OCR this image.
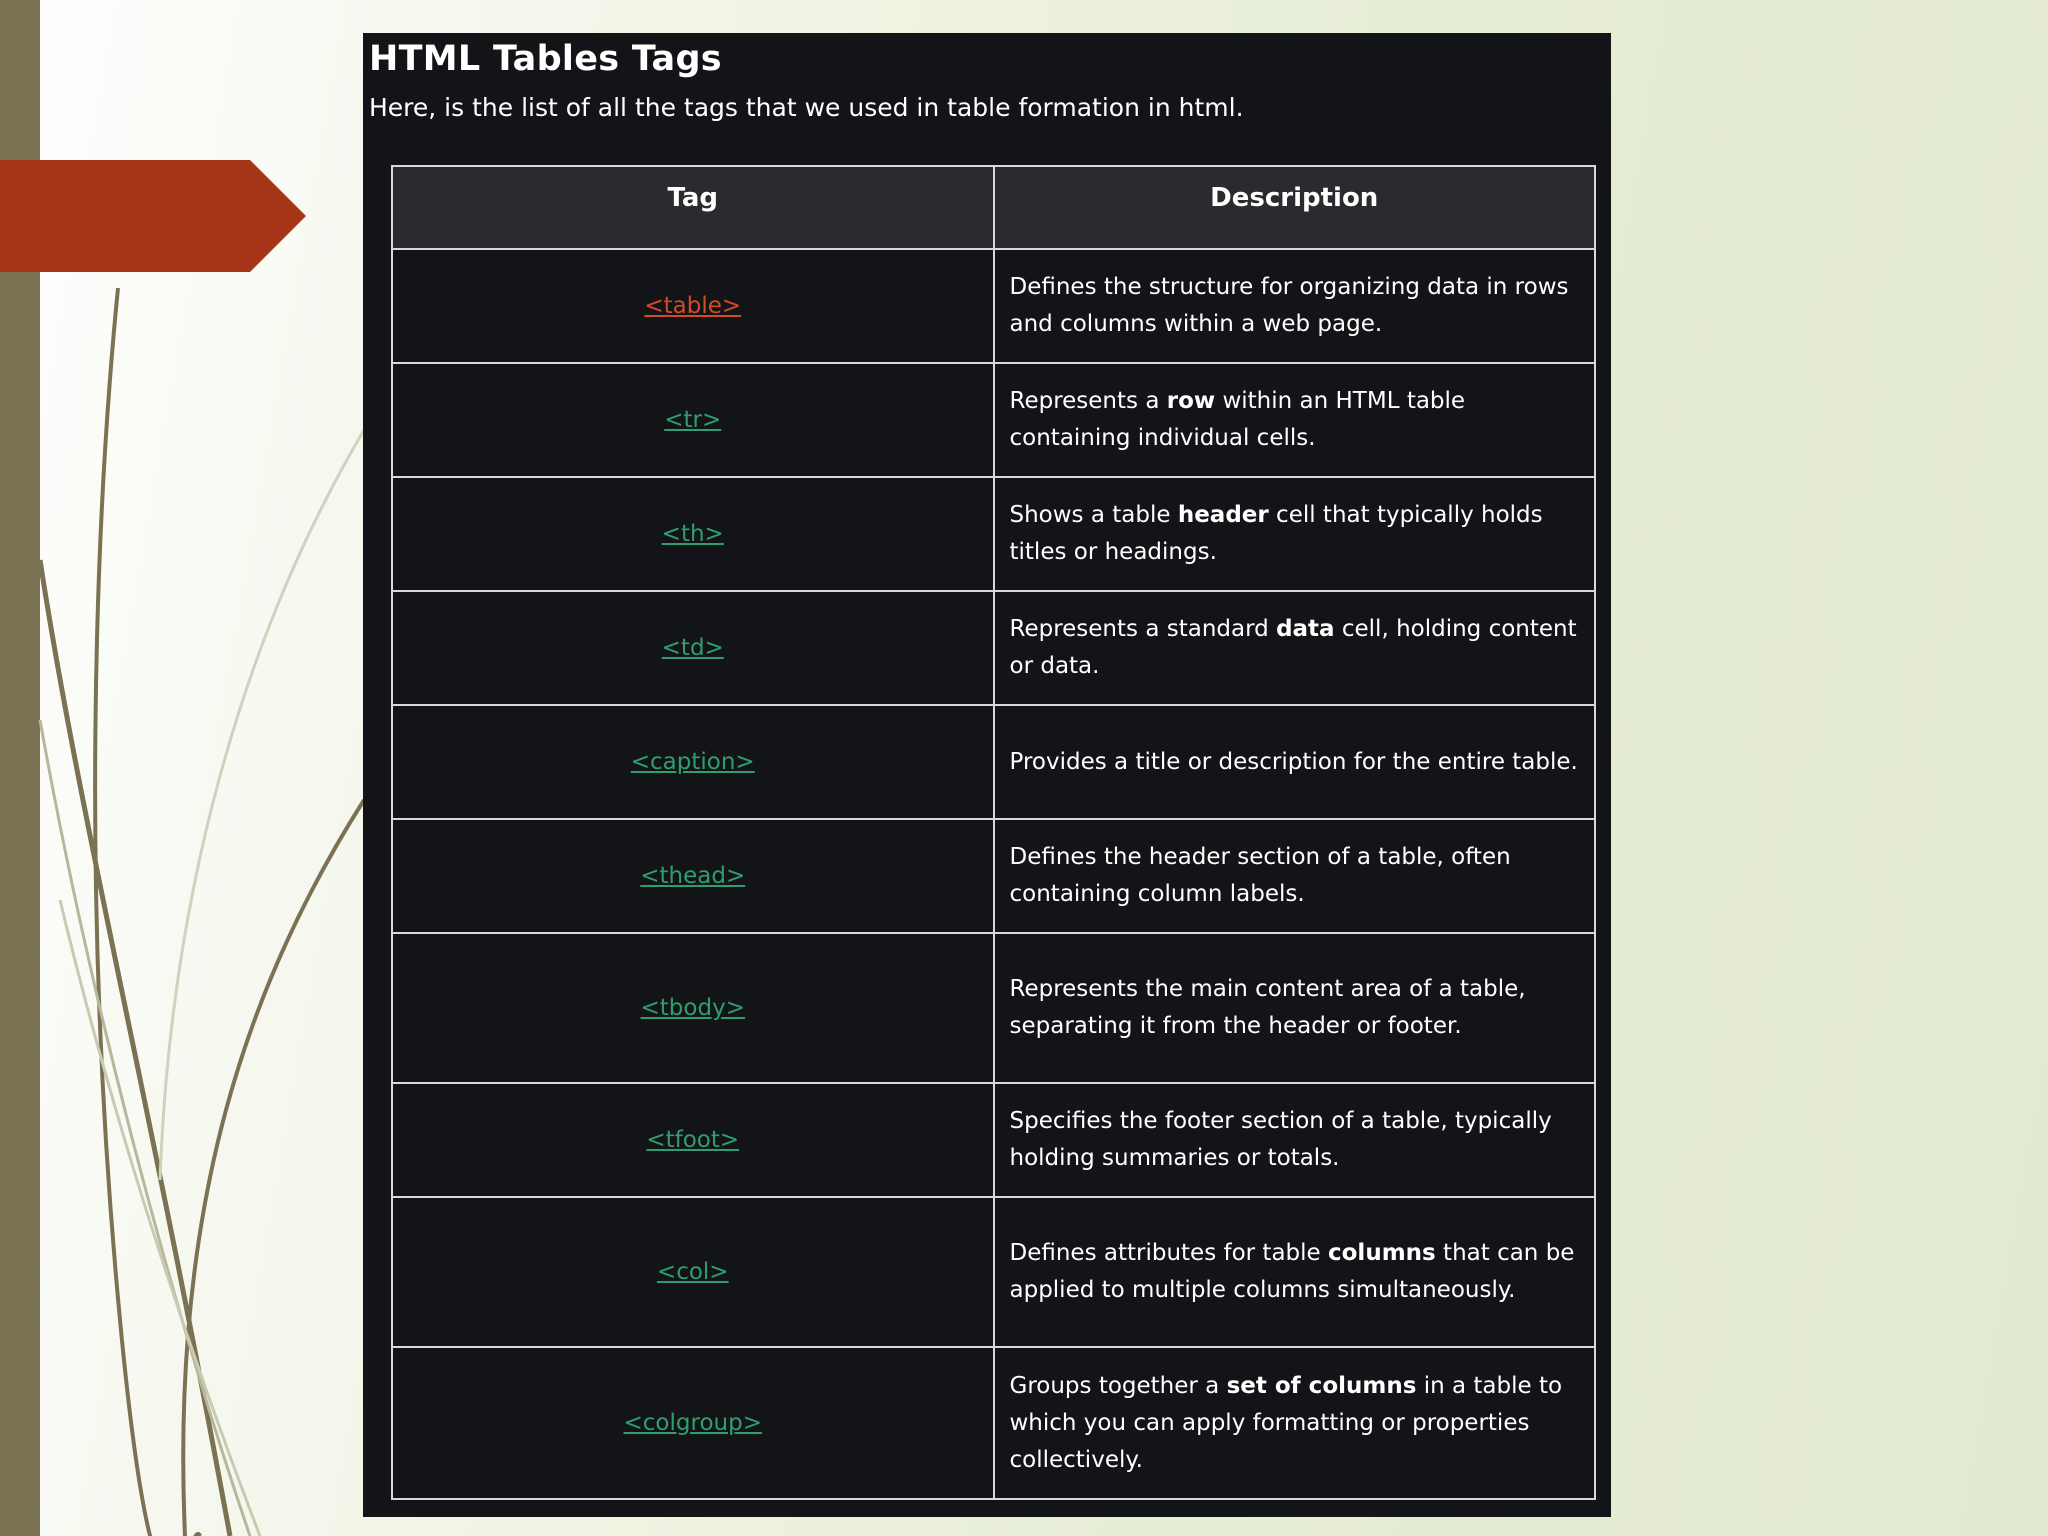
HTML Tables Tags

Here, is the list of all the tags that we used in table formation in html.

Tag	Description
<table>	Defines the structure for organizing data in rows and columns within a web page.
<tr>	Represents a row within an HTML table containing individual cells.
<th>	Shows a table header cell that typically holds titles or headings.
<td>	Represents a standard data cell, holding content or data.
<caption>	Provides a title or description for the entire table.
<thead>	Defines the header section of a table, often containing column labels.
<tbody>	Represents the main content area of a table, separating it from the header or footer.
<tfoot>	Specifies the footer section of a table, typically holding summaries or totals.
<col>	Defines attributes for table columns that can be applied to multiple columns simultaneously.
<colgroup>	Groups together a set of columns in a table to which you can apply formatting or properties collectively.
